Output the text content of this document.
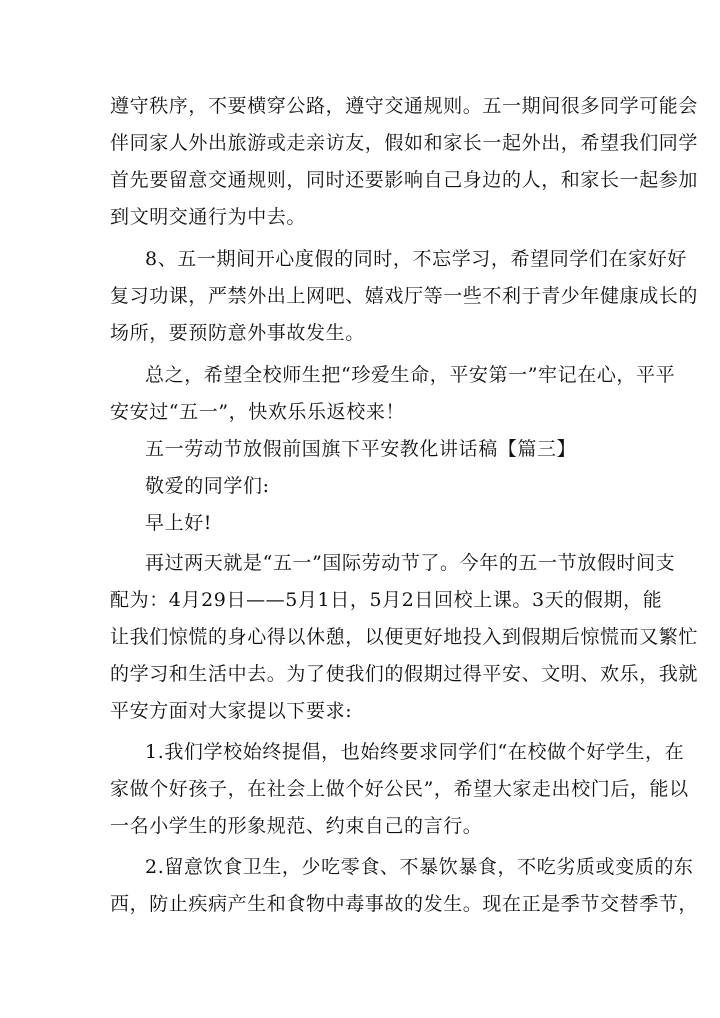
遵守秩序，不要横穿公路，遵守交通规则。五一期间很多同学可能会
伴同家人外出旅游或走亲访友，假如和家长一起外出，希望我们同学
首先要留意交通规则，同时还要影响自己身边的人，和家长一起参加
到文明交通行为中去。
8、五一期间开心度假的同时，不忘学习，希望同学们在家好好
复习功课，严禁外出上网吧、嬉戏厅等一些不利于青少年健康成长的
场所，要预防意外事故发生。
总之，希望全校师生把“珍爱生命，平安第一”牢记在心，平平
安安过“五一”，快欢乐乐返校来！
五一劳动节放假前国旗下平安教化讲话稿【篇三】
敬爱的同学们:
早上好!
再过两天就是“五一”国际劳动节了。今年的五一节放假时间支
配为：4月29日——5月1日，5月2日回校上课。3天的假期，能
让我们惊慌的身心得以休憩，以便更好地投入到假期后惊慌而又繁忙
的学习和生活中去。为了使我们的假期过得平安、文明、欢乐，我就
平安方面对大家提以下要求:
1.我们学校始终提倡，也始终要求同学们“在校做个好学生，在
家做个好孩子，在社会上做个好公民”，希望大家走出校门后，能以
一名小学生的形象规范、约束自己的言行。
2.留意饮食卫生，少吃零食、不暴饮暴食，不吃劣质或变质的东
西，防止疾病产生和食物中毒事故的发生。现在正是季节交替季节，
